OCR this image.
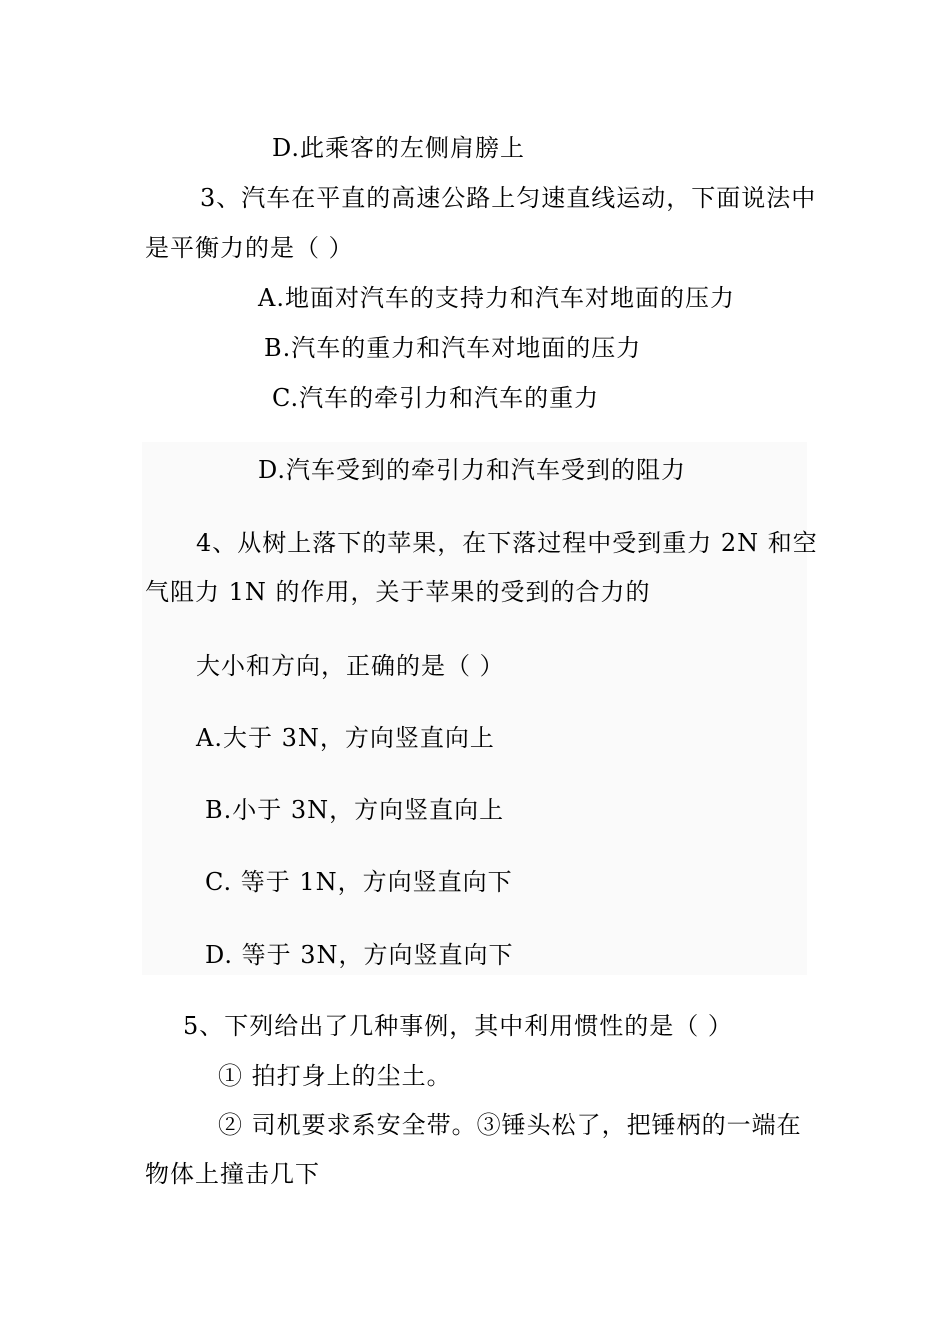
D.此乘客的左侧肩膀上
3、汽车在平直的高速公路上匀速直线运动，下面说法中
是平衡力的是（ ）
A.地面对汽车的支持力和汽车对地面的压力
B.汽车的重力和汽车对地面的压力
C.汽车的牵引力和汽车的重力
D.汽车受到的牵引力和汽车受到的阻力
4、从树上落下的苹果，在下落过程中受到重力 2N 和空
气阻力 1N 的作用，关于苹果的受到的合力的
大小和方向，正确的是（ ）
A.大于 3N，方向竖直向上
B.小于 3N，方向竖直向上
C. 等于 1N，方向竖直向下
D. 等于 3N，方向竖直向下
5、下列给出了几种事例，其中利用惯性的是（ ）
① 拍打身上的尘土。
② 司机要求系安全带。③锤头松了，把锤柄的一端在
物体上撞击几下
